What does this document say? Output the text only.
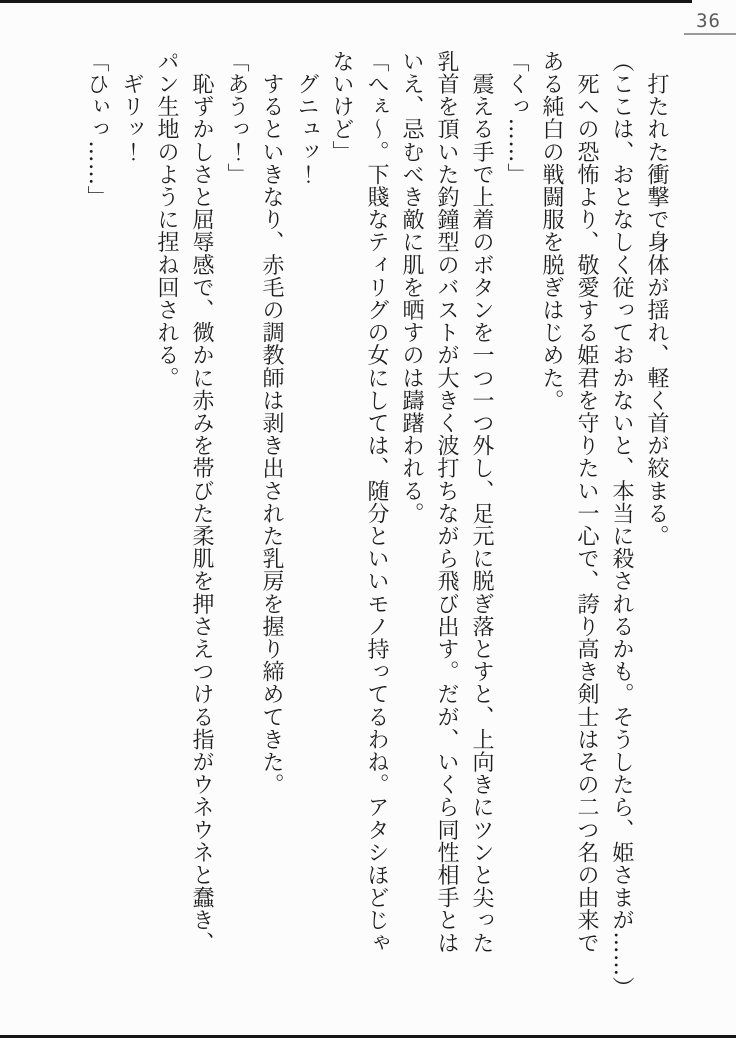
36

　打たれた衝撃で身体が揺れ、軽く首が絞まる。

（ここは、おとなしく従っておかないと、本当に殺されるかも。そうしたら、姫さまが……）

　死への恐怖より、敬愛する姫君を守りたい一心で、誇り高き剣士はその二つ名の由来で

ある純白の戦闘服を脱ぎはじめた。

「くっ……」

　震える手で上着のボタンを一つ一つ外し、足元に脱ぎ落とすと、上向きにツンと尖った

乳首を頂いた釣鐘型のバストが大きく波打ちながら飛び出す。だが、いくら同性相手とは

いえ、忌むべき敵に肌を晒すのは躊躇われる。

「へぇ〜。下賤なティリグの女にしては、随分といいモノ持ってるわね。アタシほどじゃ

ないけど」

　グニュッ！

　するといきなり、赤毛の調教師は剥き出された乳房を握り締めてきた。

「あうっ！」

　恥ずかしさと屈辱感で、微かに赤みを帯びた柔肌を押さえつける指がウネウネと蠢き、

パン生地のように捏ね回される。

　ギリッ！

「ひぃっ……」
